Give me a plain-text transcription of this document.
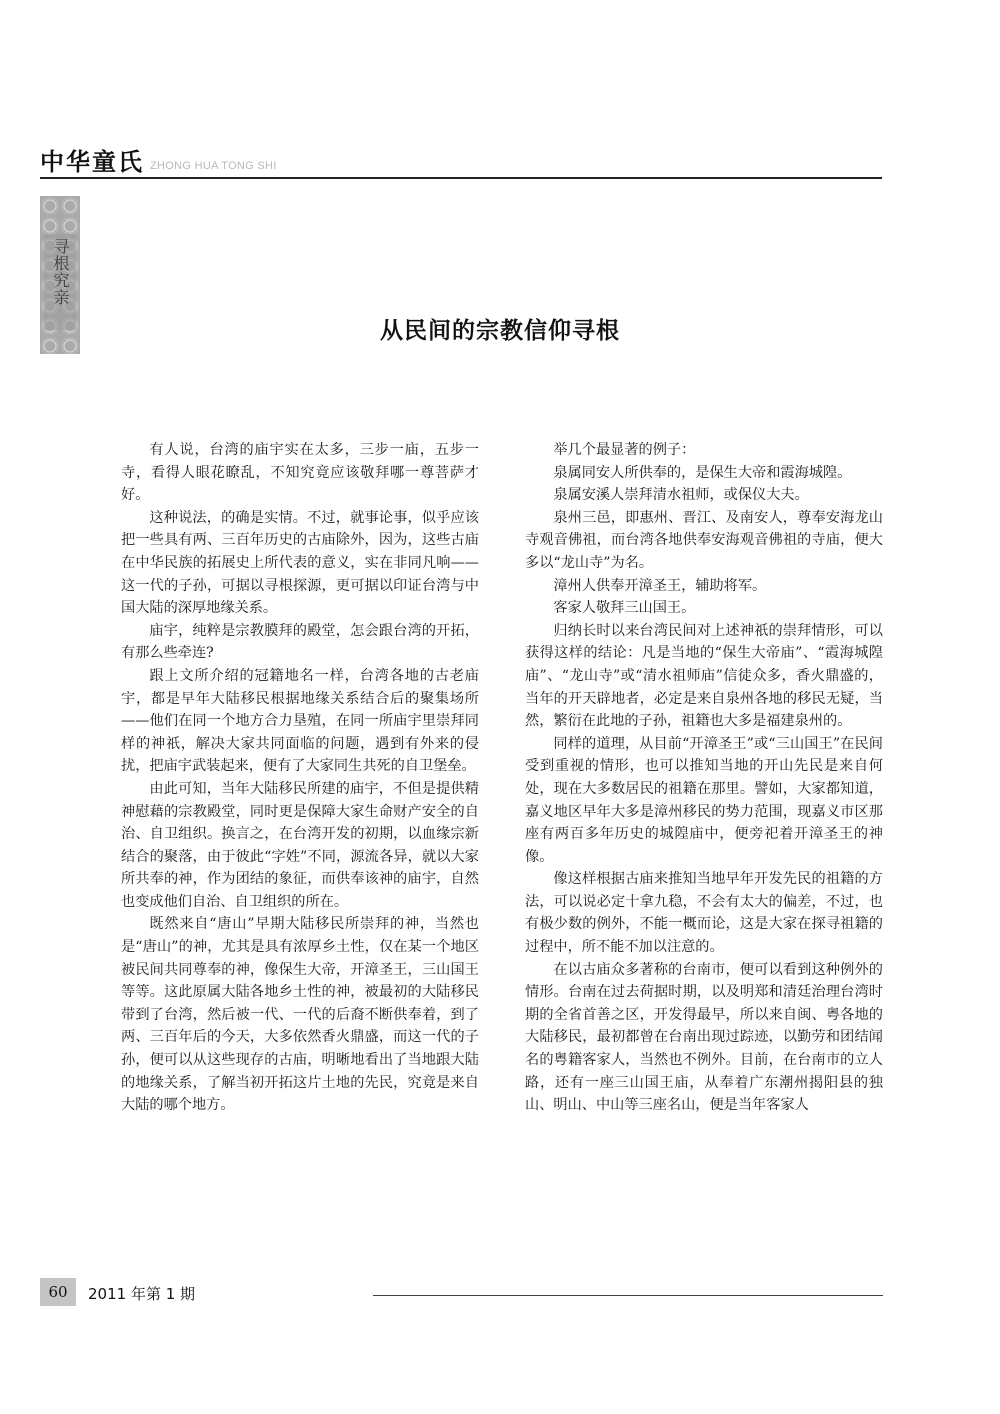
中华童氏 ZHONG HUA TONG SHI
寻根究亲
从民间的宗教信仰寻根

有人说，台湾的庙宇实在太多，三步一庙，五步一寺，看得人眼花瞭乱，不知究竟应该敬拜哪一尊菩萨才好。

这种说法，的确是实情。不过，就事论事，似乎应该把一些具有两、三百年历史的古庙除外，因为，这些古庙在中华民族的拓展史上所代表的意义，实在非同凡响——这一代的子孙，可据以寻根探源，更可据以印证台湾与中国大陆的深厚地缘关系。

庙宇，纯粹是宗教膜拜的殿堂，怎会跟台湾的开拓，有那么些牵连?

跟上文所介绍的冠籍地名一样，台湾各地的古老庙宇，都是早年大陆移民根据地缘关系结合后的聚集场所——他们在同一个地方合力垦殖，在同一所庙宇里崇拜同样的神祇，解决大家共同面临的问题，遇到有外来的侵扰，把庙宇武装起来，便有了大家同生共死的自卫堡垒。

由此可知，当年大陆移民所建的庙宇，不但是提供精神慰藉的宗教殿堂，同时更是保障大家生命财产安全的自治、自卫组织。换言之，在台湾开发的初期，以血缘宗新结合的聚落，由于彼此“字姓”不同，源流各异，就以大家所共奉的神，作为团结的象征，而供奉该神的庙宇，自然也变成他们自治、自卫组织的所在。

既然来自“唐山”早期大陆移民所崇拜的神，当然也是“唐山”的神，尤其是具有浓厚乡土性，仅在某一个地区被民间共同尊奉的神，像保生大帝，开漳圣王，三山国王等等。这此原属大陆各地乡土性的神，被最初的大陆移民带到了台湾，然后被一代、一代的后裔不断供奉着，到了两、三百年后的今天，大多依然香火鼎盛，而这一代的子孙，便可以从这些现存的古庙，明晰地看出了当地跟大陆的地缘关系，了解当初开拓这片土地的先民，究竟是来自大陆的哪个地方。

举几个最显著的例子：

泉属同安人所供奉的，是保生大帝和霞海城隍。

泉属安溪人崇拜清水祖师，或保仪大夫。

泉州三邑，即惠州、晋江、及南安人，尊奉安海龙山寺观音佛祖，而台湾各地供奉安海观音佛祖的寺庙，便大多以“龙山寺”为名。

漳州人供奉开漳圣王，辅助将军。

客家人敬拜三山国王。

归纳长时以来台湾民间对上述神祇的崇拜情形，可以获得这样的结论：凡是当地的“保生大帝庙”、“霞海城隍庙”、“龙山寺”或“清水祖师庙”信徒众多，香火鼎盛的，当年的开天辟地者，必定是来自泉州各地的移民无疑，当然，繁衍在此地的子孙，祖籍也大多是福建泉州的。

同样的道理，从目前“开漳圣王”或“三山国王”在民间受到重视的情形，也可以推知当地的开山先民是来自何处，现在大多数居民的祖籍在那里。譬如，大家都知道，嘉义地区早年大多是漳州移民的势力范围，现嘉义市区那座有两百多年历史的城隍庙中，便旁祀着开漳圣王的神像。

像这样根据古庙来推知当地早年开发先民的祖籍的方法，可以说必定十拿九稳，不会有太大的偏差，不过，也有极少数的例外，不能一概而论，这是大家在探寻祖籍的过程中，所不能不加以注意的。

在以古庙众多著称的台南市，便可以看到这种例外的情形。台南在过去荷据时期，以及明郑和清廷治理台湾时期的全省首善之区，开发得最早，所以来自闽、粤各地的大陆移民，最初都曾在台南出现过踪迹，以勤劳和团结闻名的粤籍客家人，当然也不例外。目前，在台南市的立人路，还有一座三山国王庙，从奉着广东潮州揭阳县的独山、明山、中山等三座名山，便是当年客家人

60	2011 年第 1 期
